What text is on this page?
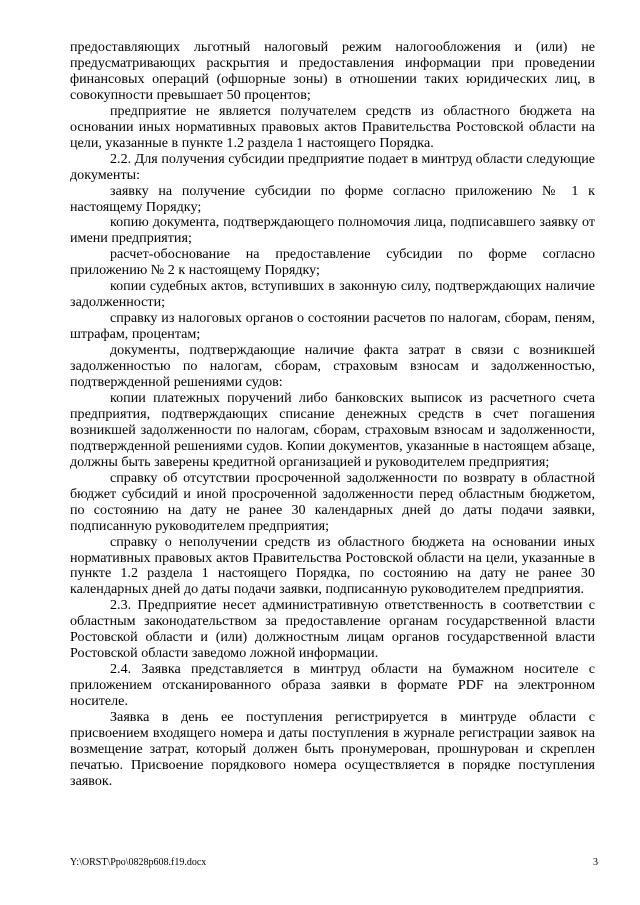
предоставляющих льготный налоговый режим налогообложения и (или) не предусматривающих раскрытия и предоставления информации при проведении финансовых операций (офшорные зоны) в отношении таких юридических лиц, в совокупности превышает 50 процентов;

предприятие не является получателем средств из областного бюджета на основании иных нормативных правовых актов Правительства Ростовской области на цели, указанные в пункте 1.2 раздела 1 настоящего Порядка.

2.2. Для получения субсидии предприятие подает в минтруд области следующие документы:

заявку на получение субсидии по форме согласно приложению № 1 к настоящему Порядку;

копию документа, подтверждающего полномочия лица, подписавшего заявку от имени предприятия;

расчет-обоснование на предоставление субсидии по форме согласно приложению № 2 к настоящему Порядку;

копии судебных актов, вступивших в законную силу, подтверждающих наличие задолженности;

справку из налоговых органов о состоянии расчетов по налогам, сборам, пеням, штрафам, процентам;

документы, подтверждающие наличие факта затрат в связи с возникшей задолженностью по налогам, сборам, страховым взносам и задолженностью, подтвержденной решениями судов:

копии платежных поручений либо банковских выписок из расчетного счета предприятия, подтверждающих списание денежных средств в счет погашения возникшей задолженности по налогам, сборам, страховым взносам и задолженности, подтвержденной решениями судов. Копии документов, указанные в настоящем абзаце, должны быть заверены кредитной организацией и руководителем предприятия;

справку об отсутствии просроченной задолженности по возврату в областной бюджет субсидий и иной просроченной задолженности перед областным бюджетом, по состоянию на дату не ранее 30 календарных дней до даты подачи заявки, подписанную руководителем предприятия;

справку о неполучении средств из областного бюджета на основании иных нормативных правовых актов Правительства Ростовской области на цели, указанные в пункте 1.2 раздела 1 настоящего Порядка, по состоянию на дату не ранее 30 календарных дней до даты подачи заявки, подписанную руководителем предприятия.

2.3. Предприятие несет административную ответственность в соответствии с областным законодательством за предоставление органам государственной власти Ростовской области и (или) должностным лицам органов государственной власти Ростовской области заведомо ложной информации.

2.4. Заявка представляется в минтруд области на бумажном носителе с приложением отсканированного образа заявки в формате PDF на электронном носителе.

Заявка в день ее поступления регистрируется в минтруде области с присвоением входящего номера и даты поступления в журнале регистрации заявок на возмещение затрат, который должен быть пронумерован, прошнурован и скреплен печатью. Присвоение порядкового номера осуществляется в порядке поступления заявок.

Y:\ORST\Ppo\0828p608.f19.docx	3
